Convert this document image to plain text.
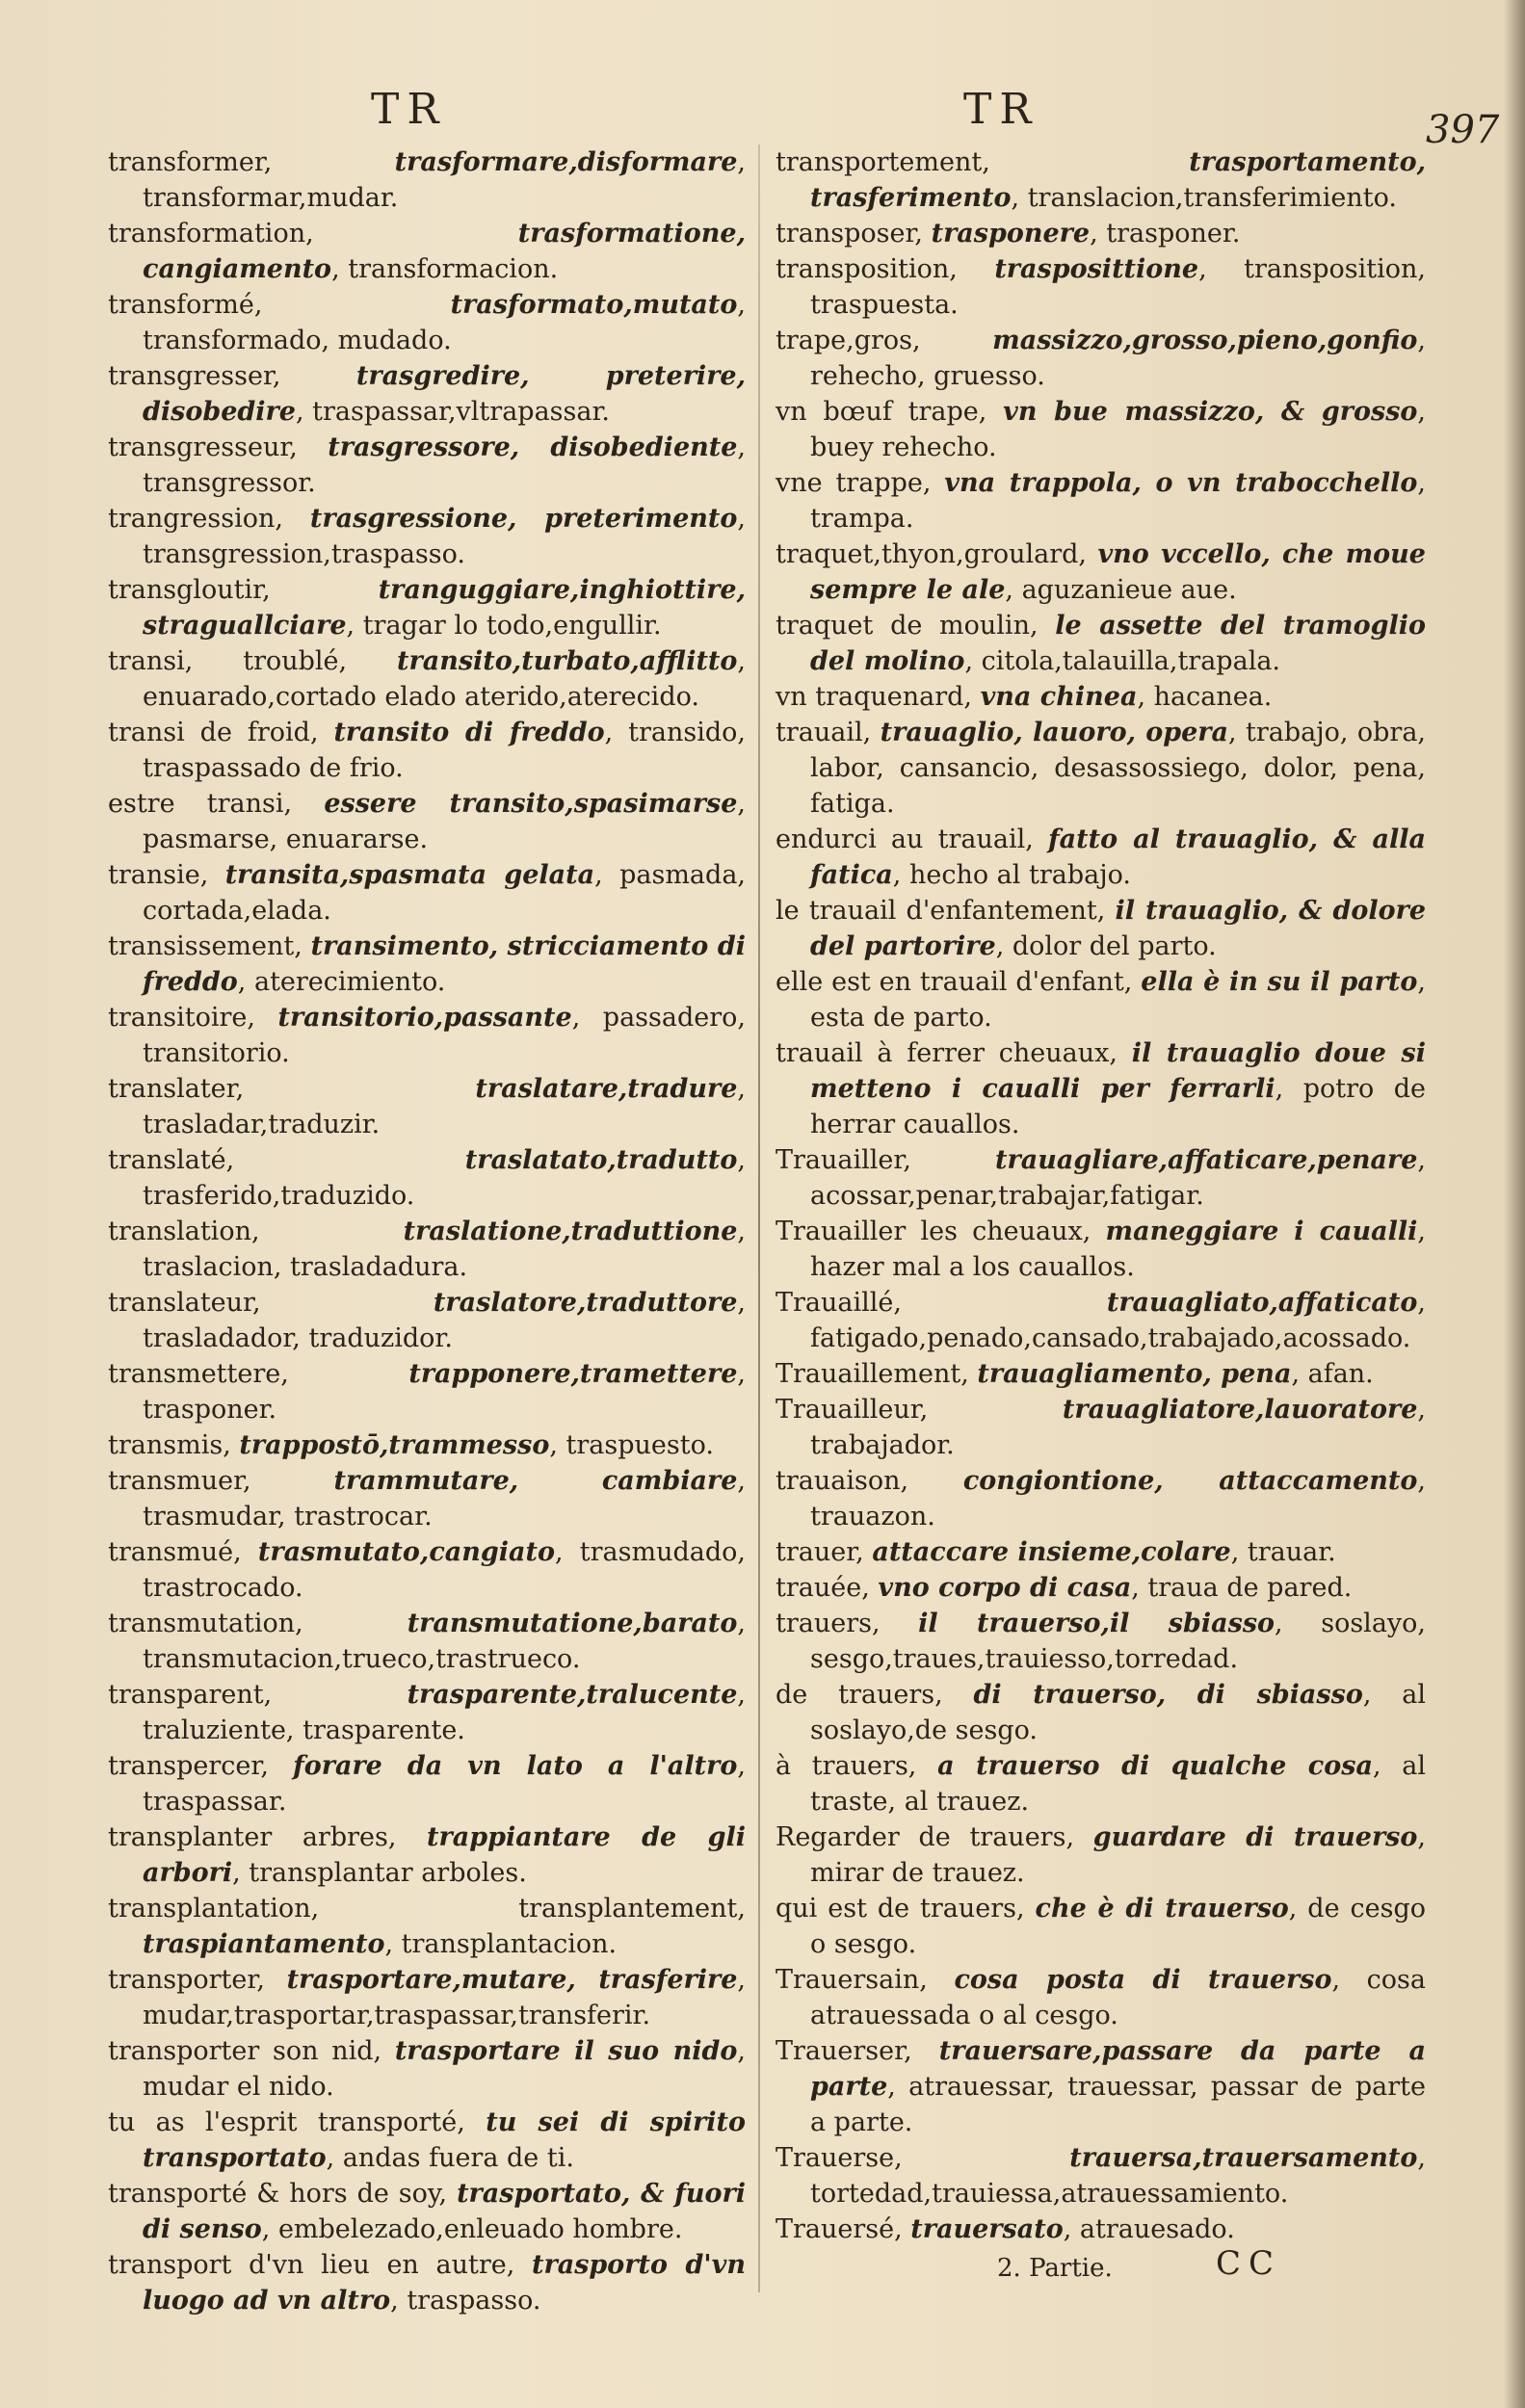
TR	TR	397

transformer, trasformare,disformare, transformar,mudar.

transformation, trasformatione, cangiamento, transformacion.

transformé, trasformato,mutato, transformado, mudado.

transgresser, trasgredire, preterire, disobedire, traspassar,vltrapassar.

transgresseur, trasgressore, disobediente, transgressor.

trangression, trasgressione, preterimento, transgression,traspasso.

transgloutir, tranguggiare,inghiottire, straguallciare, tragar lo todo,engullir.

transi, troublé, transito,turbato,afflitto, enuarado,cortado elado aterido,aterecido.

transi de froid, transito di freddo, transido, traspassado de frio.

estre transi, essere transito,spasimarse, pasmarse, enuararse.

transie, transita,spasmata gelata, pasmada, cortada,elada.

transissement, transimento, stricciamento di freddo, aterecimiento.

transitoire, transitorio,passante, passadero, transitorio.

translater, traslatare,tradure, trasladar,traduzir.

translaté, traslatato,tradutto, trasferido,traduzido.

translation, traslatione,traduttione, traslacion, trasladadura.

translateur, traslatore,traduttore, trasladador, traduzidor.

transmettere, trapponere,tramettere, trasponer.

transmis, trappostō,trammesso, traspuesto.

transmuer, trammutare, cambiare, trasmudar, trastrocar.

transmué, trasmutato,cangiato, trasmudado, trastrocado.

transmutation, transmutatione,barato, transmutacion,trueco,trastrueco.

transparent, trasparente,tralucente, traluziente, trasparente.

transpercer, forare da vn lato a l'altro, traspassar.

transplanter arbres, trappiantare de gli arbori, transplantar arboles.

transplantation, transplantement, traspiantamento, transplantacion.

transporter, trasportare,mutare, trasferire, mudar,trasportar,traspassar,transferir.

transporter son nid, trasportare il suo nido, mudar el nido.

tu as l'esprit transporté, tu sei di spirito transportato, andas fuera de ti.

transporté & hors de soy, trasportato, & fuori di senso, embelezado,enleuado hombre.

transport d'vn lieu en autre, trasporto d'vn luogo ad vn altro, traspasso.

transportement, trasportamento, trasferimento, translacion,transferimiento.

transposer, trasponere, trasponer.

transposition, trasposittione, transposition, traspuesta.

trape,gros, massizzo,grosso,pieno,gonfio, rehecho, gruesso.

vn bœuf trape, vn bue massizzo, & grosso, buey rehecho.

vne trappe, vna trappola, o vn trabocchello, trampa.

traquet,thyon,groulard, vno vccello, che moue sempre le ale, aguzanieue aue.

traquet de moulin, le assette del tramoglio del molino, citola,talauilla,trapala.

vn traquenard, vna chinea, hacanea.

trauail, trauaglio, lauoro, opera, trabajo, obra, labor, cansancio, desassossiego, dolor, pena, fatiga.

endurci au trauail, fatto al trauaglio, & alla fatica, hecho al trabajo.

le trauail d'enfantement, il trauaglio, & dolore del partorire, dolor del parto.

elle est en trauail d'enfant, ella è in su il parto, esta de parto.

trauail à ferrer cheuaux, il trauaglio doue si metteno i caualli per ferrarli, potro de herrar cauallos.

Trauailler, trauagliare,affaticare,penare, acossar,penar,trabajar,fatigar.

Trauailler les cheuaux, maneggiare i caualli, hazer mal a los cauallos.

Trauaillé, trauagliato,affaticato, fatigado,penado,cansado,trabajado,acossado.

Trauaillement, trauagliamento, pena, afan.

Trauailleur, trauagliatore,lauoratore, trabajador.

trauaison, congiontione, attaccamento, trauazon.

trauer, attaccare insieme,colare, trauar.

trauée, vno corpo di casa, traua de pared.

trauers, il trauerso,il sbiasso, soslayo, sesgo,traues,trauiesso,torredad.

de trauers, di trauerso, di sbiasso, al soslayo,de sesgo.

à trauers, a trauerso di qualche cosa, al traste, al trauez.

Regarder de trauers, guardare di trauerso, mirar de trauez.

qui est de trauers, che è di trauerso, de cesgo o sesgo.

Trauersain, cosa posta di trauerso, cosa atrauessada o al cesgo.

Trauerser, trauersare,passare da parte a parte, atrauessar, trauessar, passar de parte a parte.

Trauerse, trauersa,trauersamento, tortedad,trauiessa,atrauessamiento.

Trauersé, trauersato, atrauesado.

2. Partie.	CC
